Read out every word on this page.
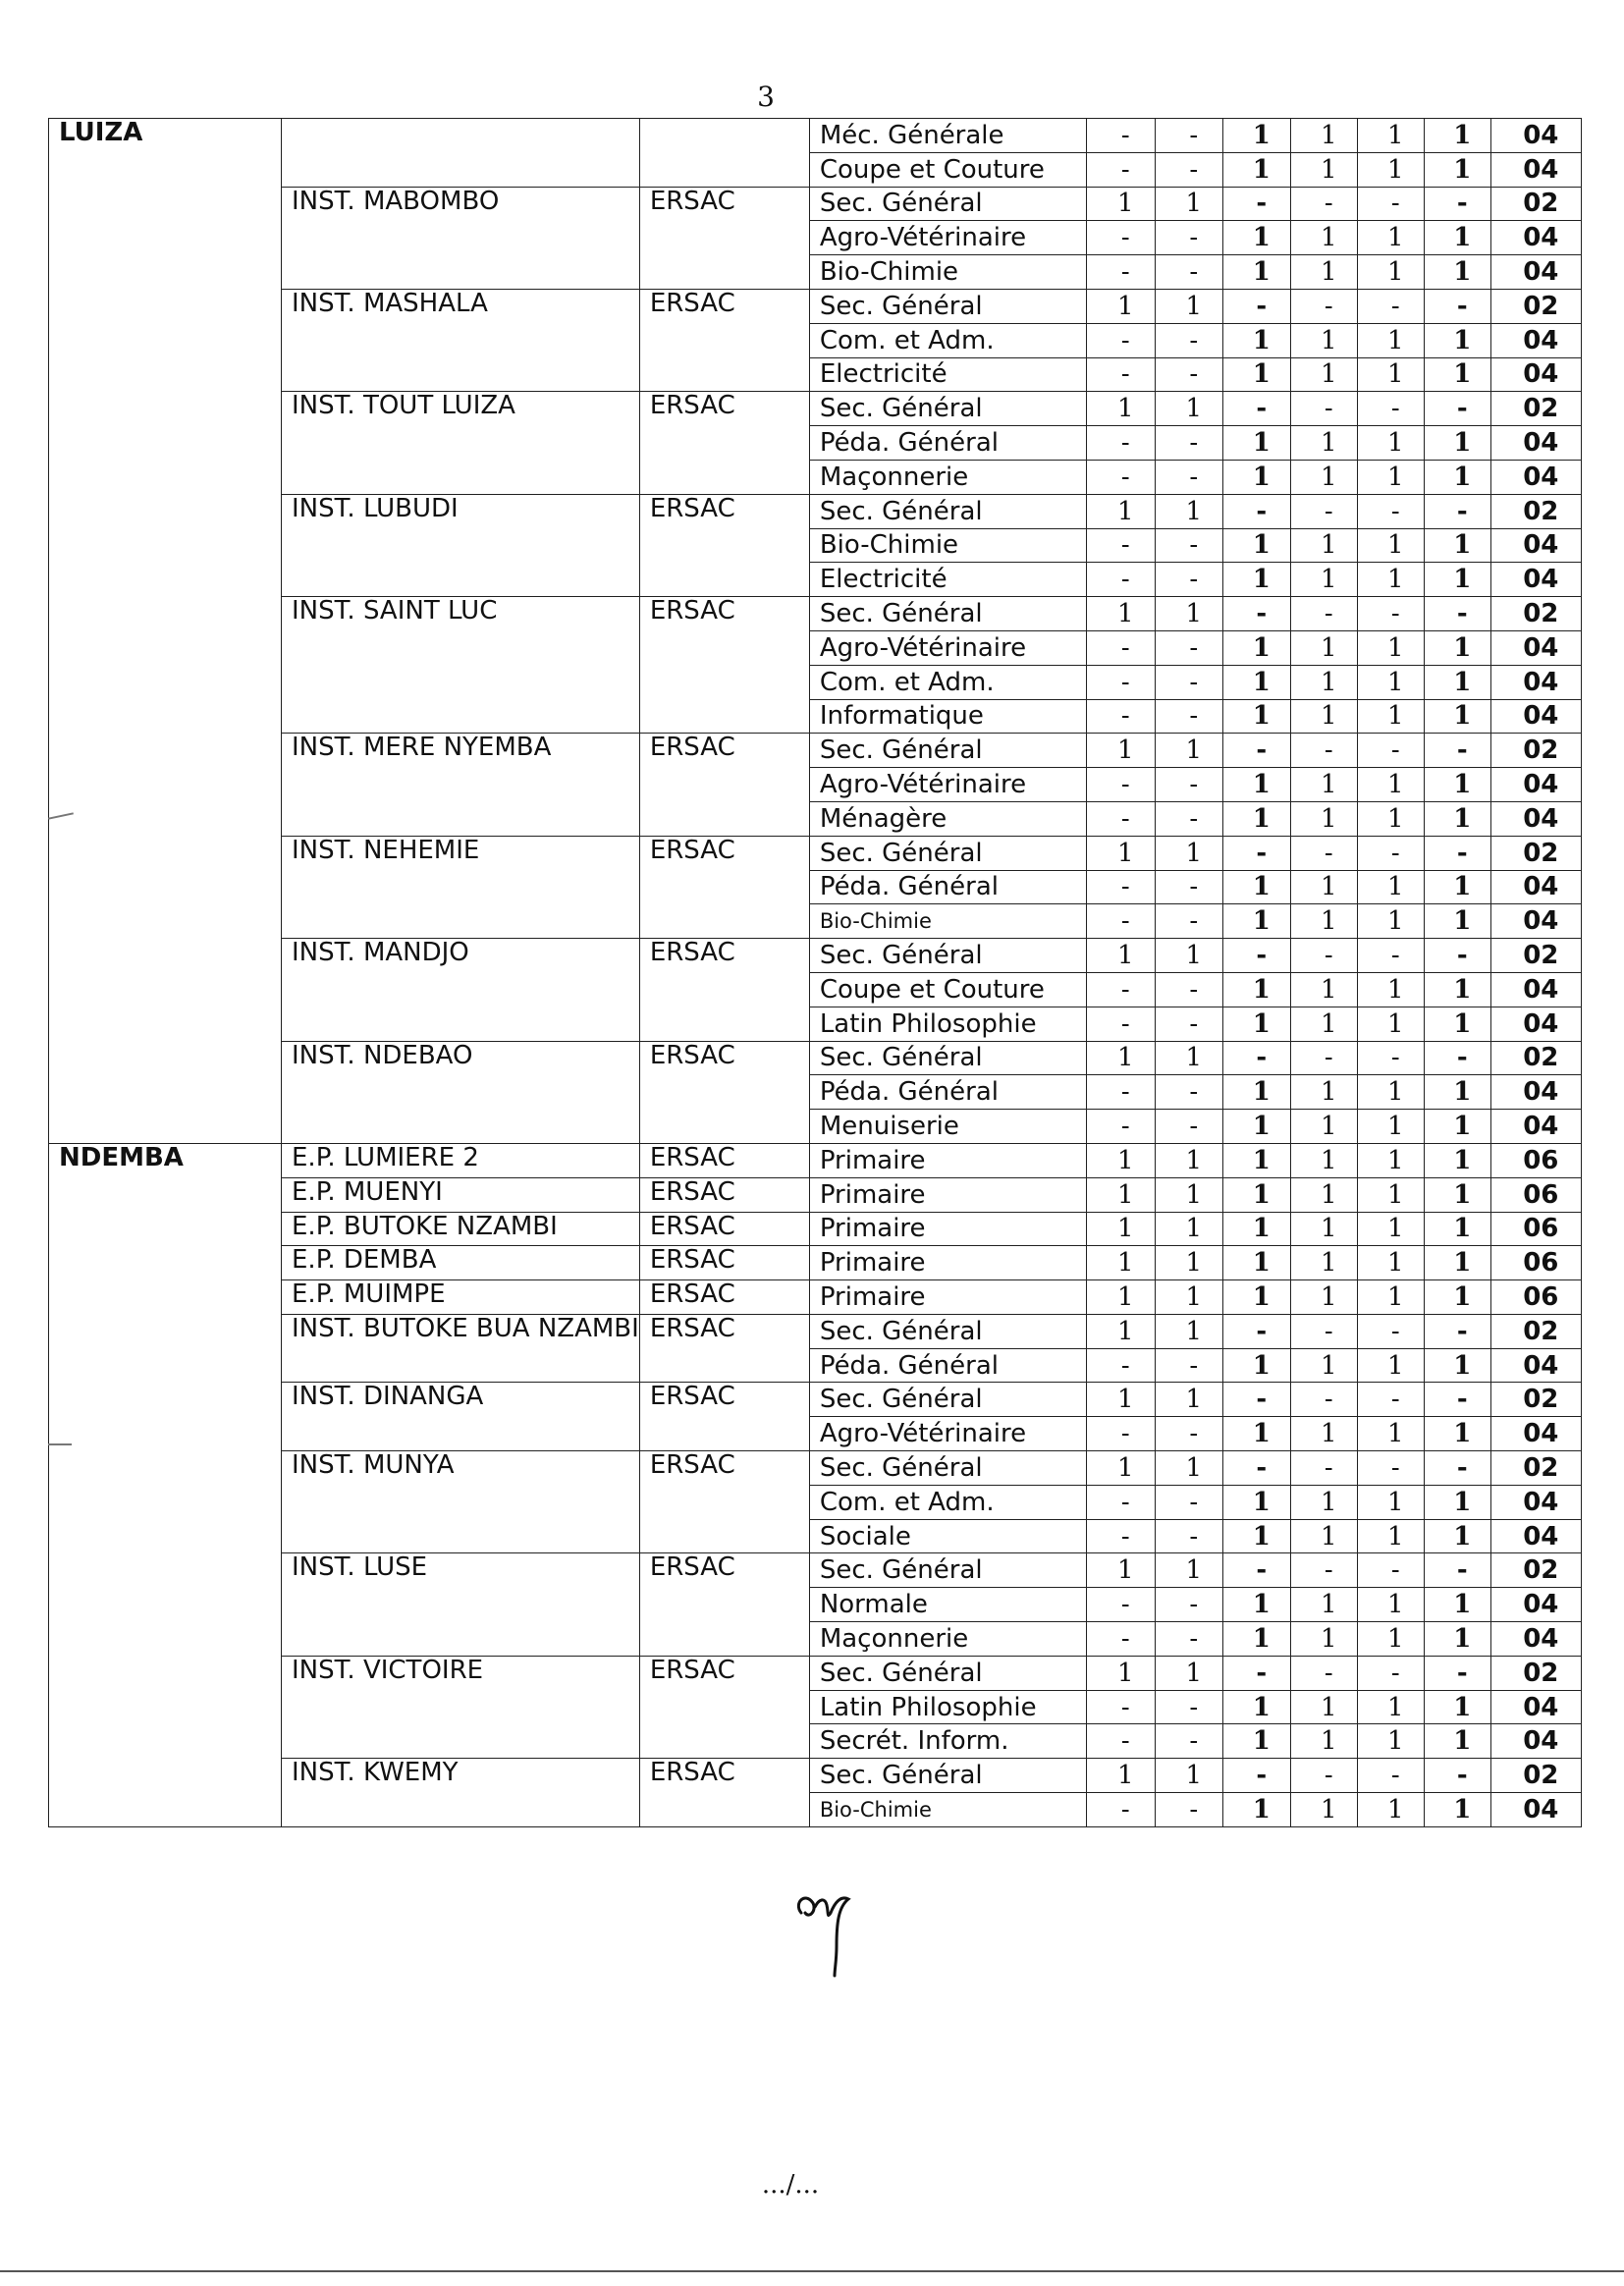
3
LUIZA			Méc. Générale	-	-	1	1	1	1	04
			Coupe et Couture	-	-	1	1	1	1	04
	INST. MABOMBO	ERSAC	Sec. Général	1	1	-	-	-	-	02
			Agro-Vétérinaire	-	-	1	1	1	1	04
			Bio-Chimie	-	-	1	1	1	1	04
	INST. MASHALA	ERSAC	Sec. Général	1	1	-	-	-	-	02
			Com. et Adm.	-	-	1	1	1	1	04
			Electricité	-	-	1	1	1	1	04
	INST. TOUT LUIZA	ERSAC	Sec. Général	1	1	-	-	-	-	02
			Péda. Général	-	-	1	1	1	1	04
			Maçonnerie	-	-	1	1	1	1	04
	INST. LUBUDI	ERSAC	Sec. Général	1	1	-	-	-	-	02
			Bio-Chimie	-	-	1	1	1	1	04
			Electricité	-	-	1	1	1	1	04
	INST. SAINT LUC	ERSAC	Sec. Général	1	1	-	-	-	-	02
			Agro-Vétérinaire	-	-	1	1	1	1	04
			Com. et Adm.	-	-	1	1	1	1	04
			Informatique	-	-	1	1	1	1	04
	INST. MERE NYEMBA	ERSAC	Sec. Général	1	1	-	-	-	-	02
			Agro-Vétérinaire	-	-	1	1	1	1	04
			Ménagère	-	-	1	1	1	1	04
	INST. NEHEMIE	ERSAC	Sec. Général	1	1	-	-	-	-	02
			Péda. Général	-	-	1	1	1	1	04
			Bio-Chimie	-	-	1	1	1	1	04
	INST. MANDJO	ERSAC	Sec. Général	1	1	-	-	-	-	02
			Coupe et Couture	-	-	1	1	1	1	04
			Latin Philosophie	-	-	1	1	1	1	04
	INST. NDEBAO	ERSAC	Sec. Général	1	1	-	-	-	-	02
			Péda. Général	-	-	1	1	1	1	04
			Menuiserie	-	-	1	1	1	1	04
NDEMBA	E.P. LUMIERE 2	ERSAC	Primaire	1	1	1	1	1	1	06
	E.P. MUENYI	ERSAC	Primaire	1	1	1	1	1	1	06
	E.P. BUTOKE NZAMBI	ERSAC	Primaire	1	1	1	1	1	1	06
	E.P. DEMBA	ERSAC	Primaire	1	1	1	1	1	1	06
	E.P. MUIMPE	ERSAC	Primaire	1	1	1	1	1	1	06
	INST. BUTOKE BUA NZAMBI	ERSAC	Sec. Général	1	1	-	-	-	-	02
			Péda. Général	-	-	1	1	1	1	04
	INST. DINANGA	ERSAC	Sec. Général	1	1	-	-	-	-	02
			Agro-Vétérinaire	-	-	1	1	1	1	04
	INST. MUNYA	ERSAC	Sec. Général	1	1	-	-	-	-	02
			Com. et Adm.	-	-	1	1	1	1	04
			Sociale	-	-	1	1	1	1	04
	INST. LUSE	ERSAC	Sec. Général	1	1	-	-	-	-	02
			Normale	-	-	1	1	1	1	04
			Maçonnerie	-	-	1	1	1	1	04
	INST. VICTOIRE	ERSAC	Sec. Général	1	1	-	-	-	-	02
			Latin Philosophie	-	-	1	1	1	1	04
			Secrét. Inform.	-	-	1	1	1	1	04
	INST. KWEMY	ERSAC	Sec. Général	1	1	-	-	-	-	02
			Bio-Chimie	-	-	1	1	1	1	04
.../...
